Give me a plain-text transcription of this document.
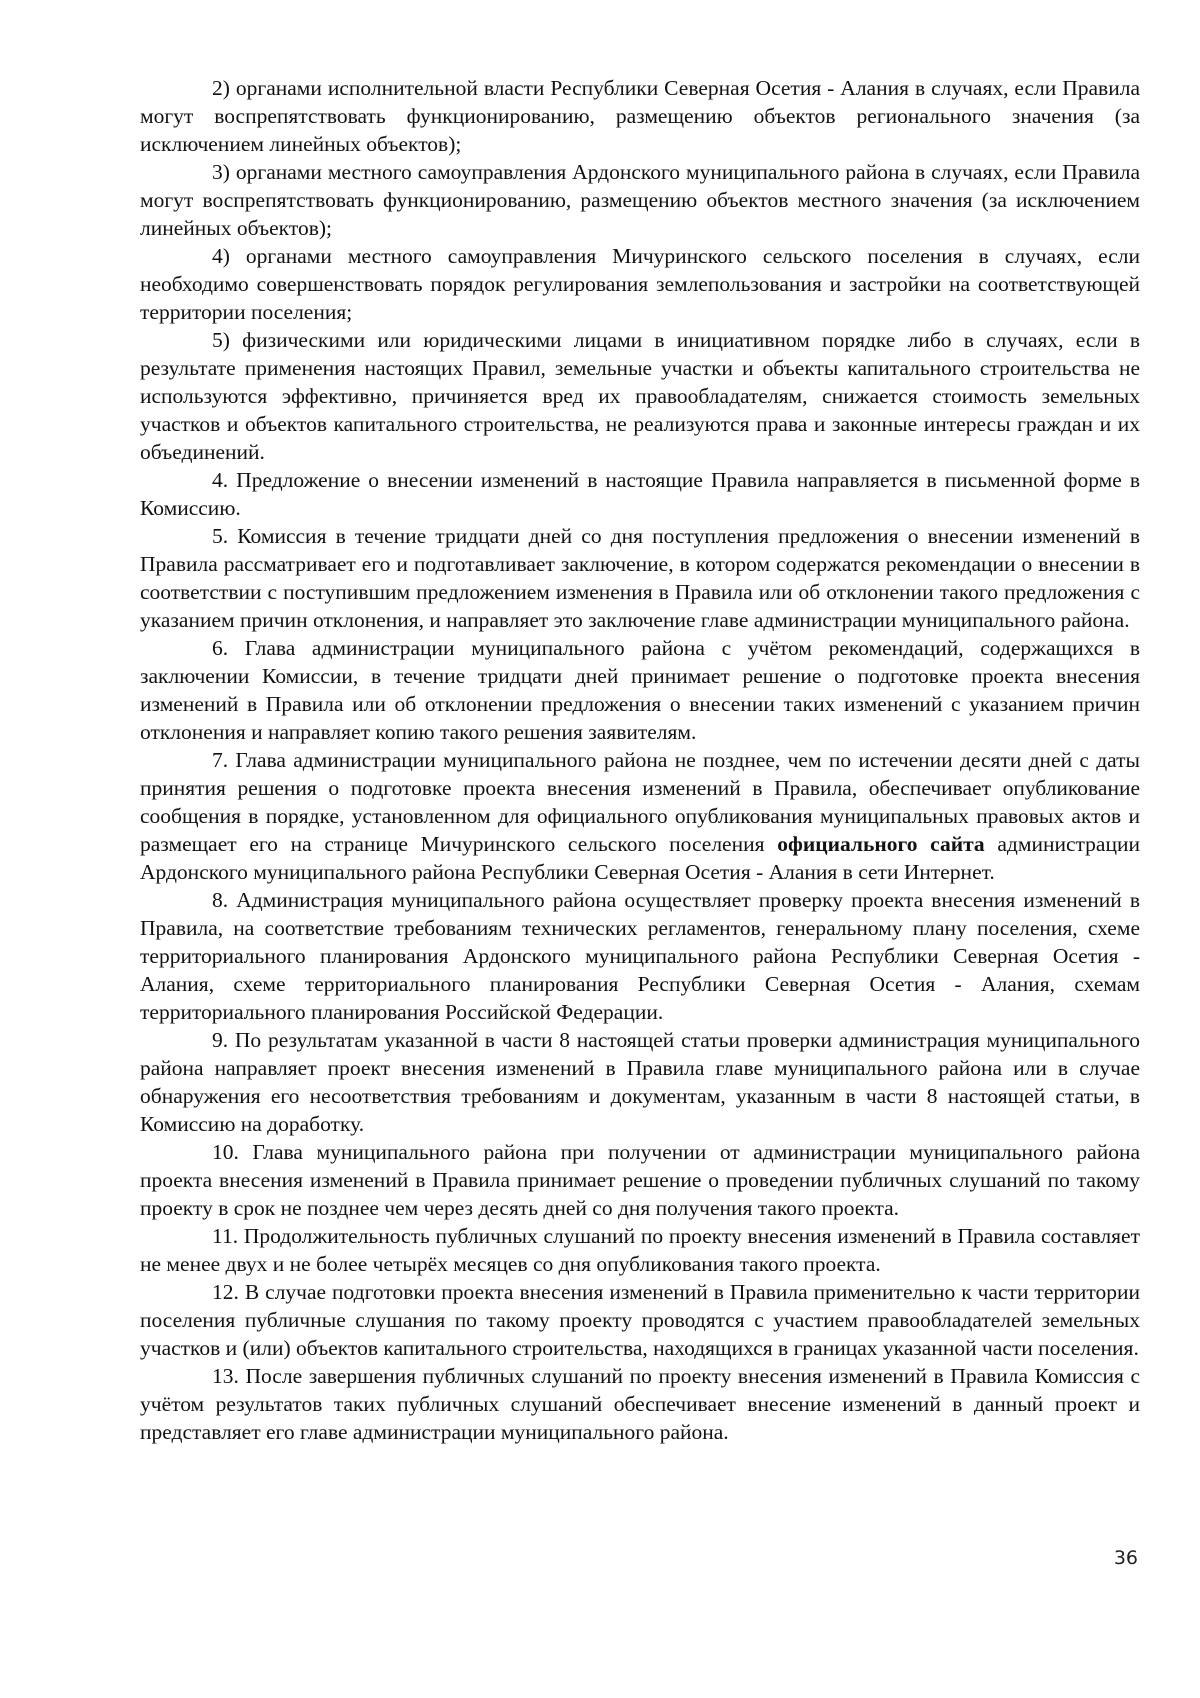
2) органами исполнительной власти Республики Северная Осетия - Алания в случаях, если Правила могут воспрепятствовать функционированию, размещению объектов регионального значения (за исключением линейных объектов);

3) органами местного самоуправления Ардонского муниципального района в случаях, если Правила могут воспрепятствовать функционированию, размещению объектов местного значения (за исключением линейных объектов);

4) органами местного самоуправления Мичуринского сельского поселения в случаях, если необходимо совершенствовать порядок регулирования землепользования и застройки на соответствующей территории поселения;

5) физическими или юридическими лицами в инициативном порядке либо в случаях, если в результате применения настоящих Правил, земельные участки и объекты капитального строительства не используются эффективно, причиняется вред их правообладателям, снижается стоимость земельных участков и объектов капитального строительства, не реализуются права и законные интересы граждан и их объединений.

4. Предложение о внесении изменений в настоящие Правила направляется в письменной форме в Комиссию.

5. Комиссия в течение тридцати дней со дня поступления предложения о внесении изменений в Правила рассматривает его и подготавливает заключение, в котором содержатся рекомендации о внесении в соответствии с поступившим предложением изменения в Правила или об отклонении такого предложения с указанием причин отклонения, и направляет это заключение главе администрации муниципального района.

6. Глава администрации муниципального района с учётом рекомендаций, содержащихся в заключении Комиссии, в течение тридцати дней принимает решение о подготовке проекта внесения изменений в Правила или об отклонении предложения о внесении таких изменений с указанием причин отклонения и направляет копию такого решения заявителям.

7. Глава администрации муниципального района не позднее, чем по истечении десяти дней с даты принятия решения о подготовке проекта внесения изменений в Правила, обеспечивает опубликование сообщения в порядке, установленном для официального опубликования муниципальных правовых актов и размещает его на странице Мичуринского сельского поселения официального сайта администрации Ардонского муниципального района Республики Северная Осетия - Алания в сети Интернет.

8. Администрация муниципального района осуществляет проверку проекта внесения изменений в Правила, на соответствие требованиям технических регламентов, генеральному плану поселения, схеме территориального планирования Ардонского муниципального района Республики Северная Осетия - Алания, схеме территориального планирования Республики Северная Осетия - Алания, схемам территориального планирования Российской Федерации.

9. По результатам указанной в части 8 настоящей статьи проверки администрация муниципального района направляет проект внесения изменений в Правила главе муниципального района или в случае обнаружения его несоответствия требованиям и документам, указанным в части 8 настоящей статьи, в Комиссию на доработку.

10. Глава муниципального района при получении от администрации муниципального района проекта внесения изменений в Правила принимает решение о проведении публичных слушаний по такому проекту в срок не позднее чем через десять дней со дня получения такого проекта.

11. Продолжительность публичных слушаний по проекту внесения изменений в Правила составляет не менее двух и не более четырёх месяцев со дня опубликования такого проекта.

12. В случае подготовки проекта внесения изменений в Правила применительно к части территории поселения публичные слушания по такому проекту проводятся с участием правообладателей земельных участков и (или) объектов капитального строительства, находящихся в границах указанной части поселения.

13. После завершения публичных слушаний по проекту внесения изменений в Правила Комиссия с учётом результатов таких публичных слушаний обеспечивает внесение изменений в данный проект и представляет его главе администрации муниципального района.

36
